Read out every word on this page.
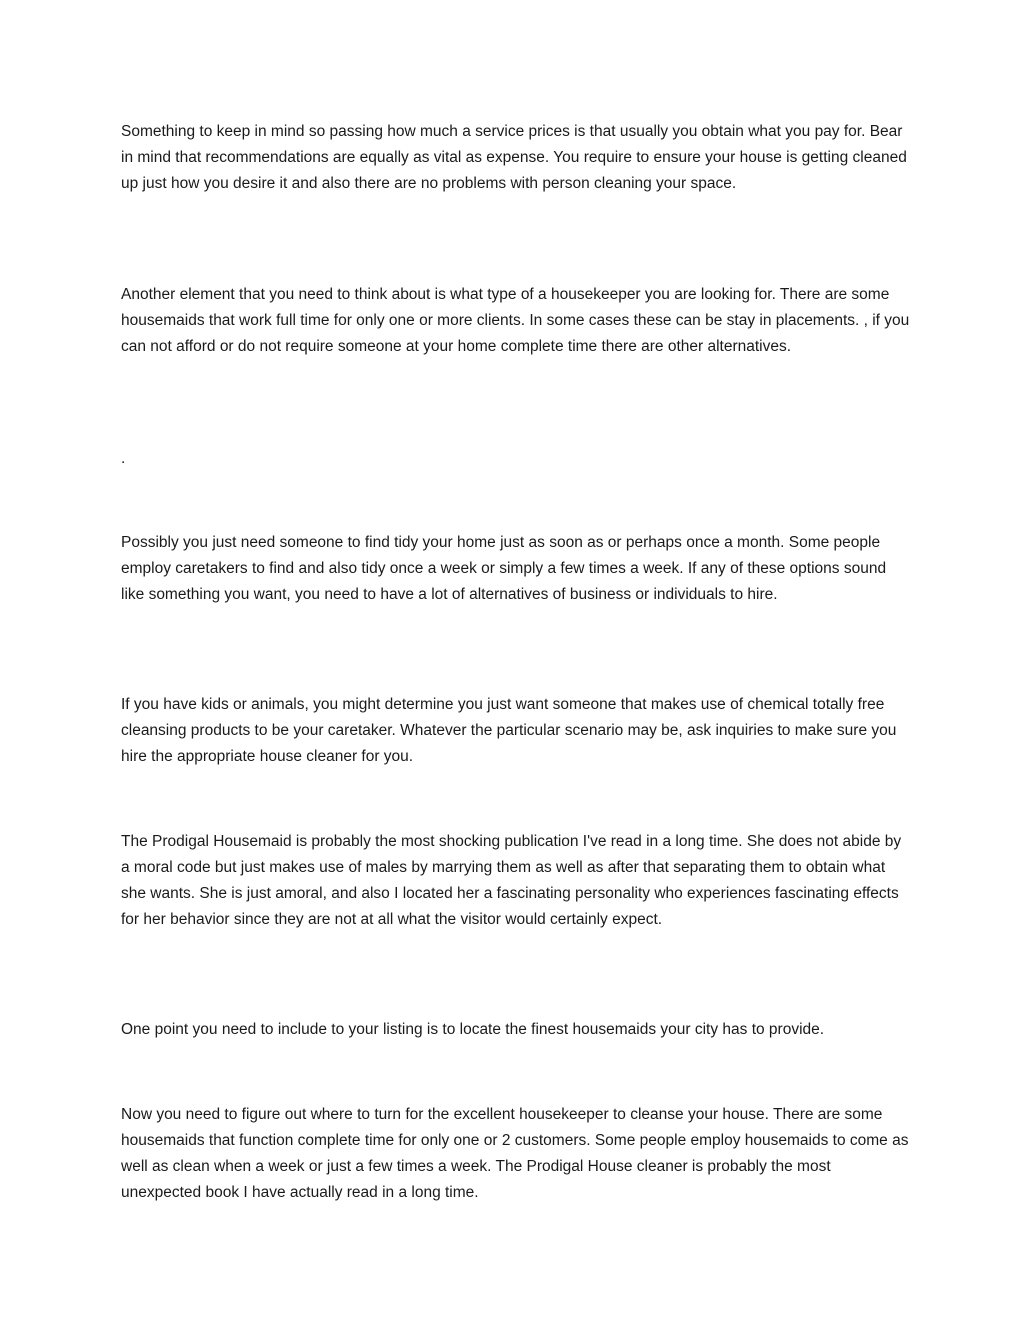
Something to keep in mind so passing how much a service prices is that usually you obtain what you pay for. Bear in mind that recommendations are equally as vital as expense. You require to ensure your house is getting cleaned up just how you desire it and also there are no problems with person cleaning your space.

Another element that you need to think about is what type of a housekeeper you are looking for. There are some housemaids that work full time for only one or more clients. In some cases these can be stay in placements. , if you can not afford or do not require someone at your home complete time there are other alternatives.

.

Possibly you just need someone to find tidy your home just as soon as or perhaps once a month. Some people employ caretakers to find and also tidy once a week or simply a few times a week. If any of these options sound like something you want, you need to have a lot of alternatives of business or individuals to hire.

If you have kids or animals, you might determine you just want someone that makes use of chemical totally free cleansing products to be your caretaker. Whatever the particular scenario may be, ask inquiries to make sure you hire the appropriate house cleaner for you.

The Prodigal Housemaid is probably the most shocking publication I've read in a long time. She does not abide by a moral code but just makes use of males by marrying them as well as after that separating them to obtain what she wants. She is just amoral, and also I located her a fascinating personality who experiences fascinating effects for her behavior since they are not at all what the visitor would certainly expect.

One point you need to include to your listing is to locate the finest housemaids your city has to provide.

Now you need to figure out where to turn for the excellent housekeeper to cleanse your house. There are some housemaids that function complete time for only one or 2 customers. Some people employ housemaids to come as well as clean when a week or just a few times a week. The Prodigal House cleaner is probably the most unexpected book I have actually read in a long time.
